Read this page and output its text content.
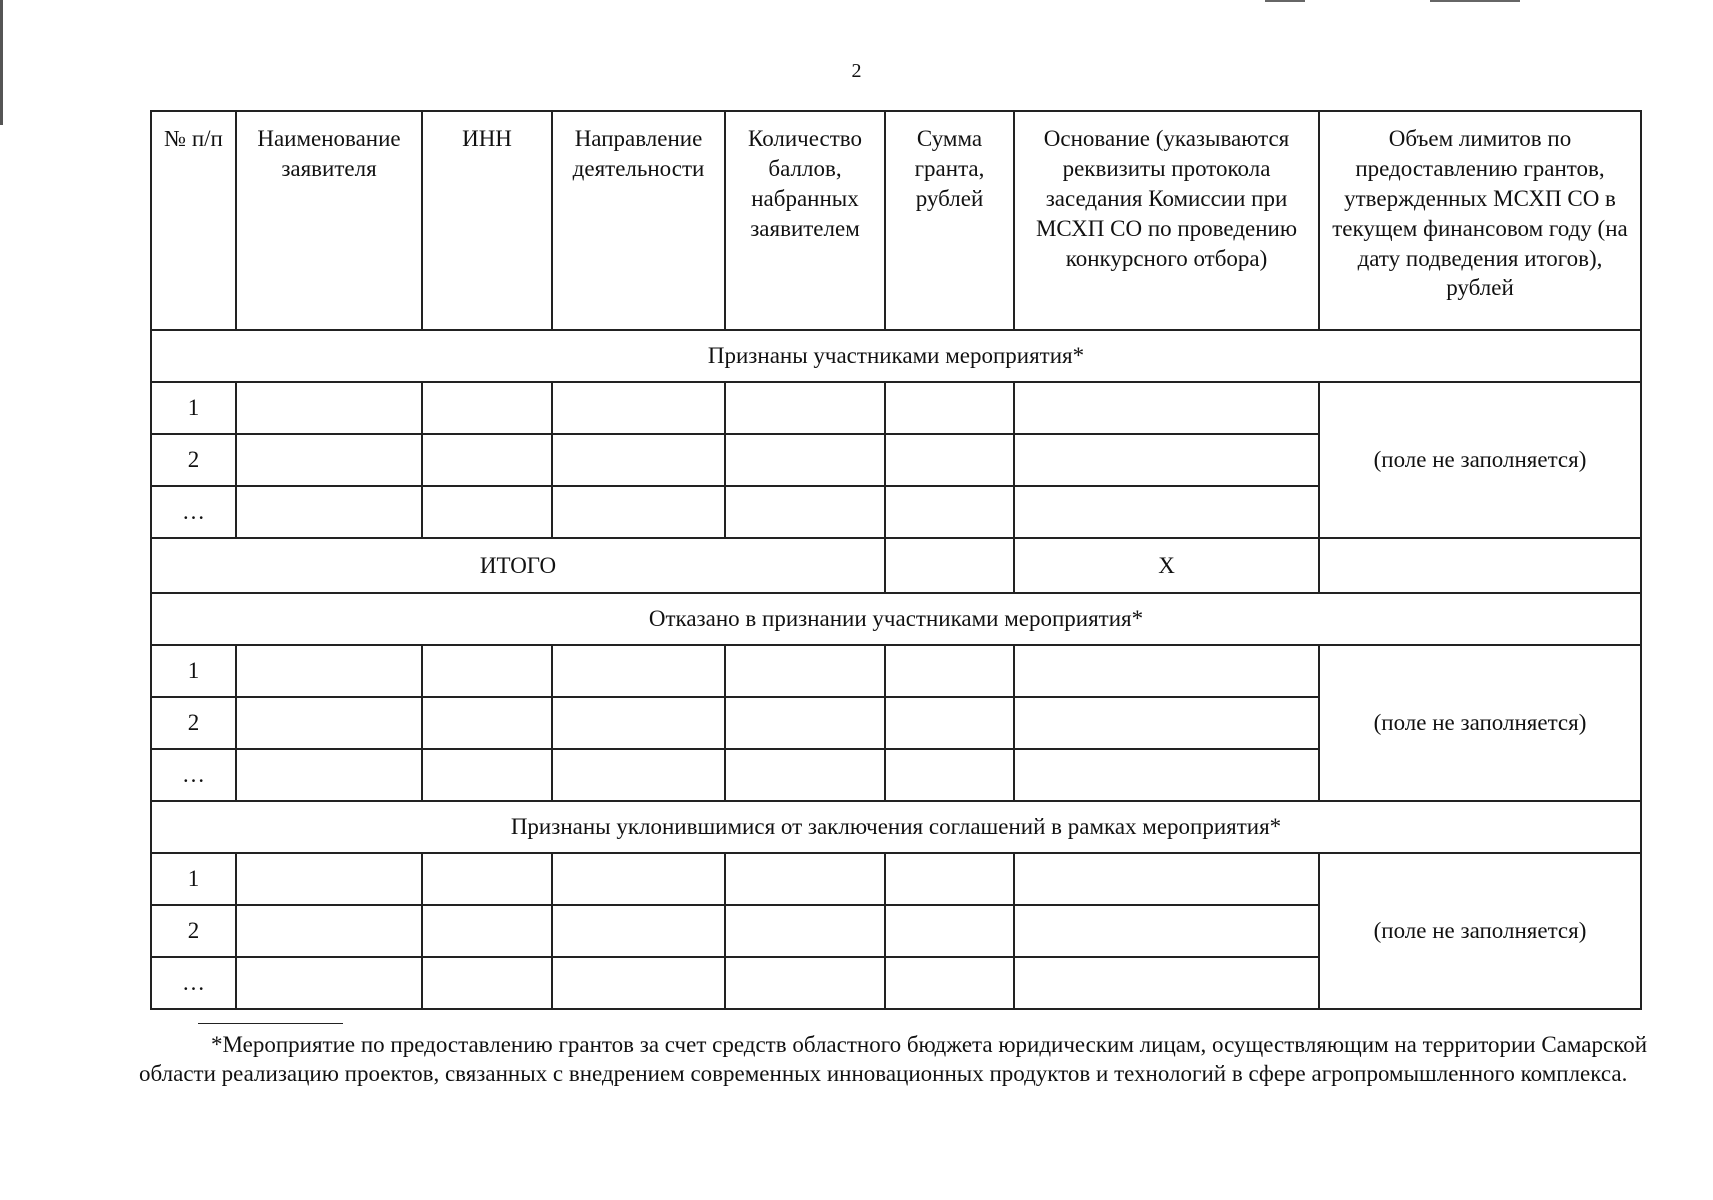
2
№ п/п	Наименование заявителя	ИНН	Направление деятельности	Количество баллов, набранных заявителем	Сумма гранта, рублей	Основание (указываются реквизиты протокола заседания Комиссии при МСХП СО по проведению конкурсного отбора)	Объем лимитов по предоставлению грантов, утвержденных МСХП СО в текущем финансовом году (на дату подведения итогов), рублей
Признаны участниками мероприятия*							
1							(поле не заполняется)
2							
…							
ИТОГО						Х	
Отказано в признании участниками мероприятия*							
1							(поле не заполняется)
2							
…							
Признаны уклонившимися от заключения соглашений в рамках мероприятия*							
1							(поле не заполняется)
2							
…							
*Мероприятие по предоставлению грантов за счет средств областного бюджета юридическим лицам, осуществляющим на территории Самарской области реализацию проектов, связанных с внедрением современных инновационных продуктов и технологий в сфере агропромышленного комплекса.
